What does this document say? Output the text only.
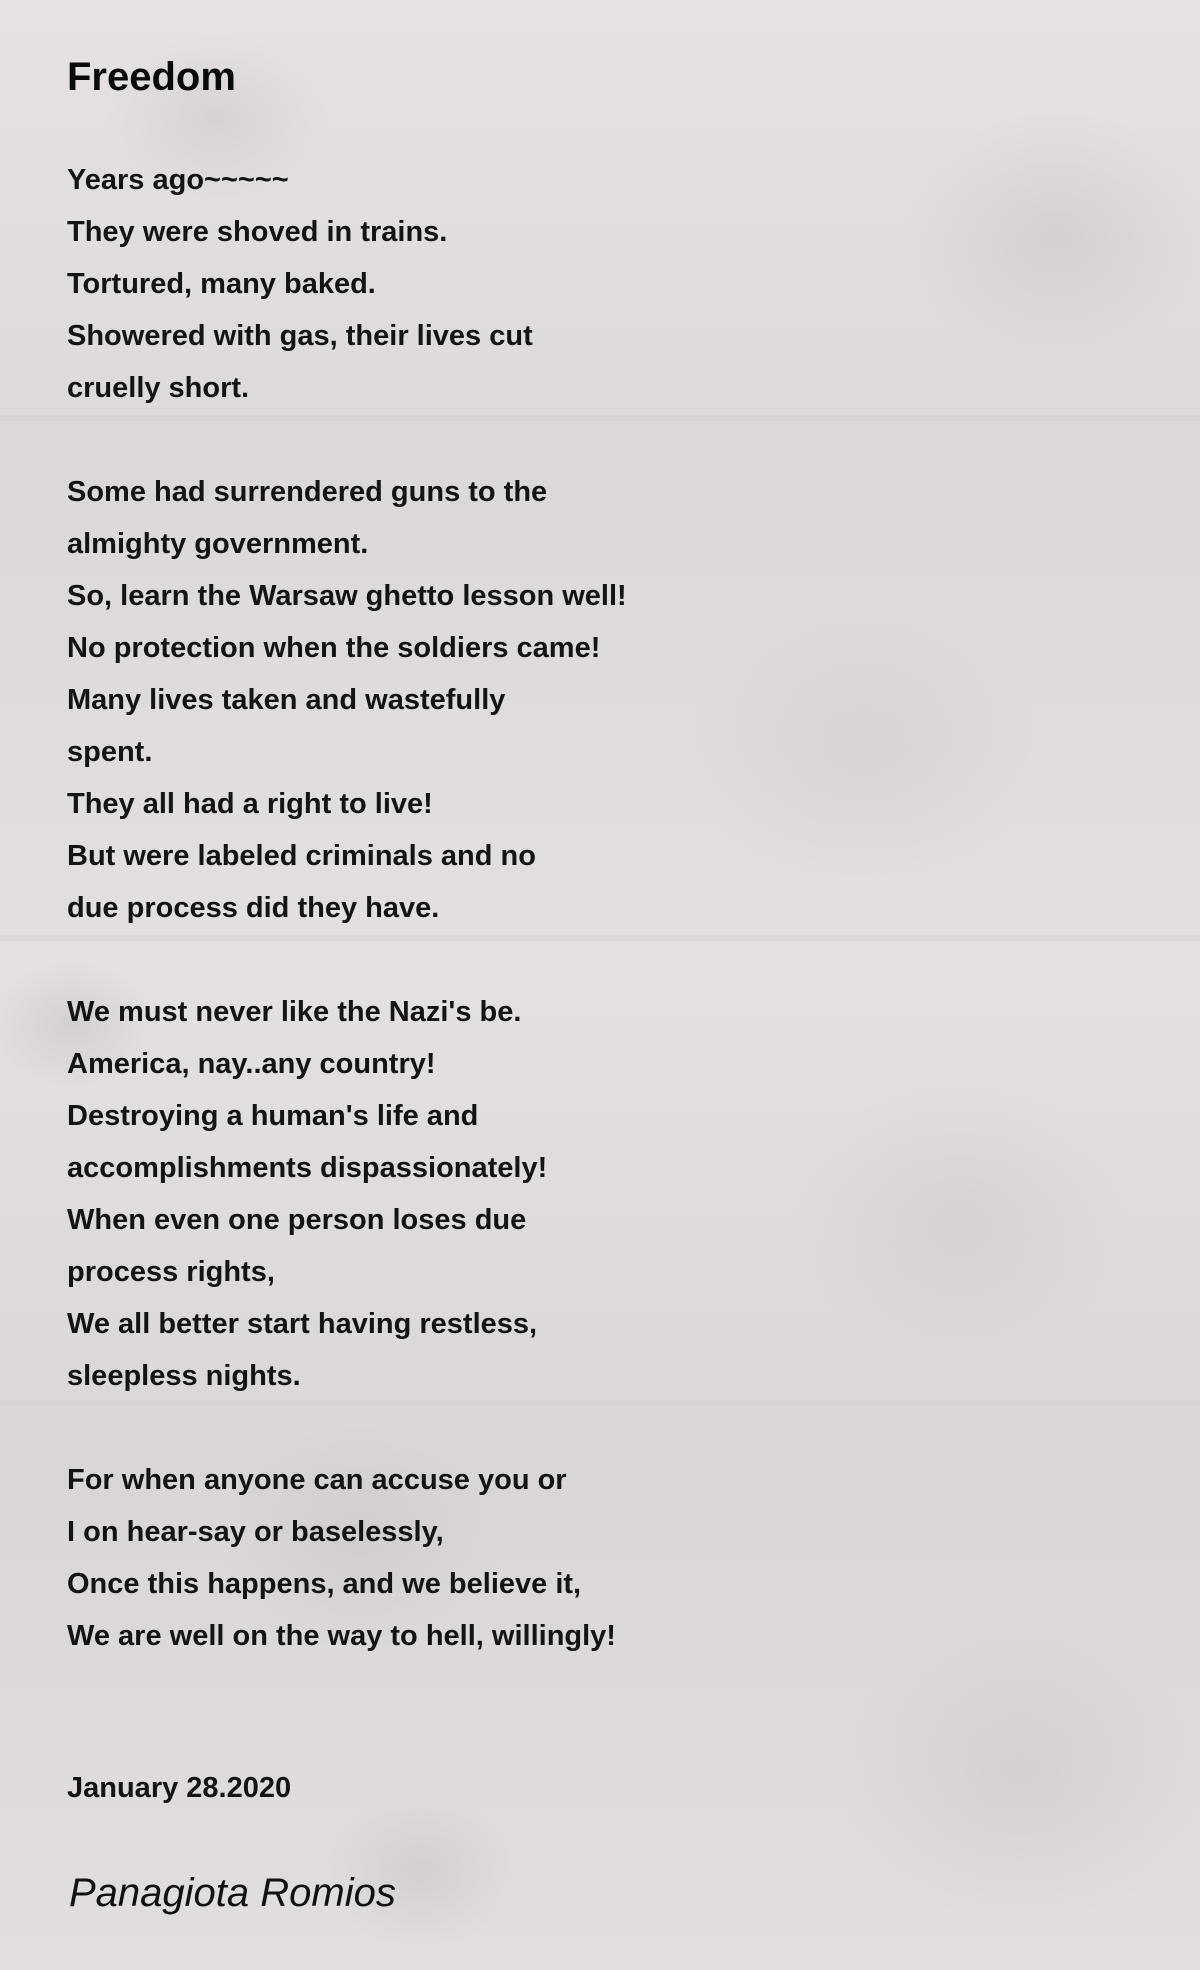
Freedom
Years ago~~~~~
They were shoved in trains.
Tortured, many baked.
Showered with gas, their lives cut
cruelly short.
Some had surrendered guns to the
almighty government.
So, learn the Warsaw ghetto lesson well!
No protection when the soldiers came!
Many lives taken and wastefully
spent.
They all had a right to live!
But were labeled criminals and no
due process did they have.
We must never like the Nazi's be.
America, nay..any country!
Destroying a human's life and
accomplishments dispassionately!
When even one person loses due
process rights,
We all better start having restless,
sleepless nights.
For when anyone can accuse you or
I on hear-say or baselessly,
Once this happens, and we believe it,
We are well on the way to hell, willingly!
January 28.2020
Panagiota Romios
